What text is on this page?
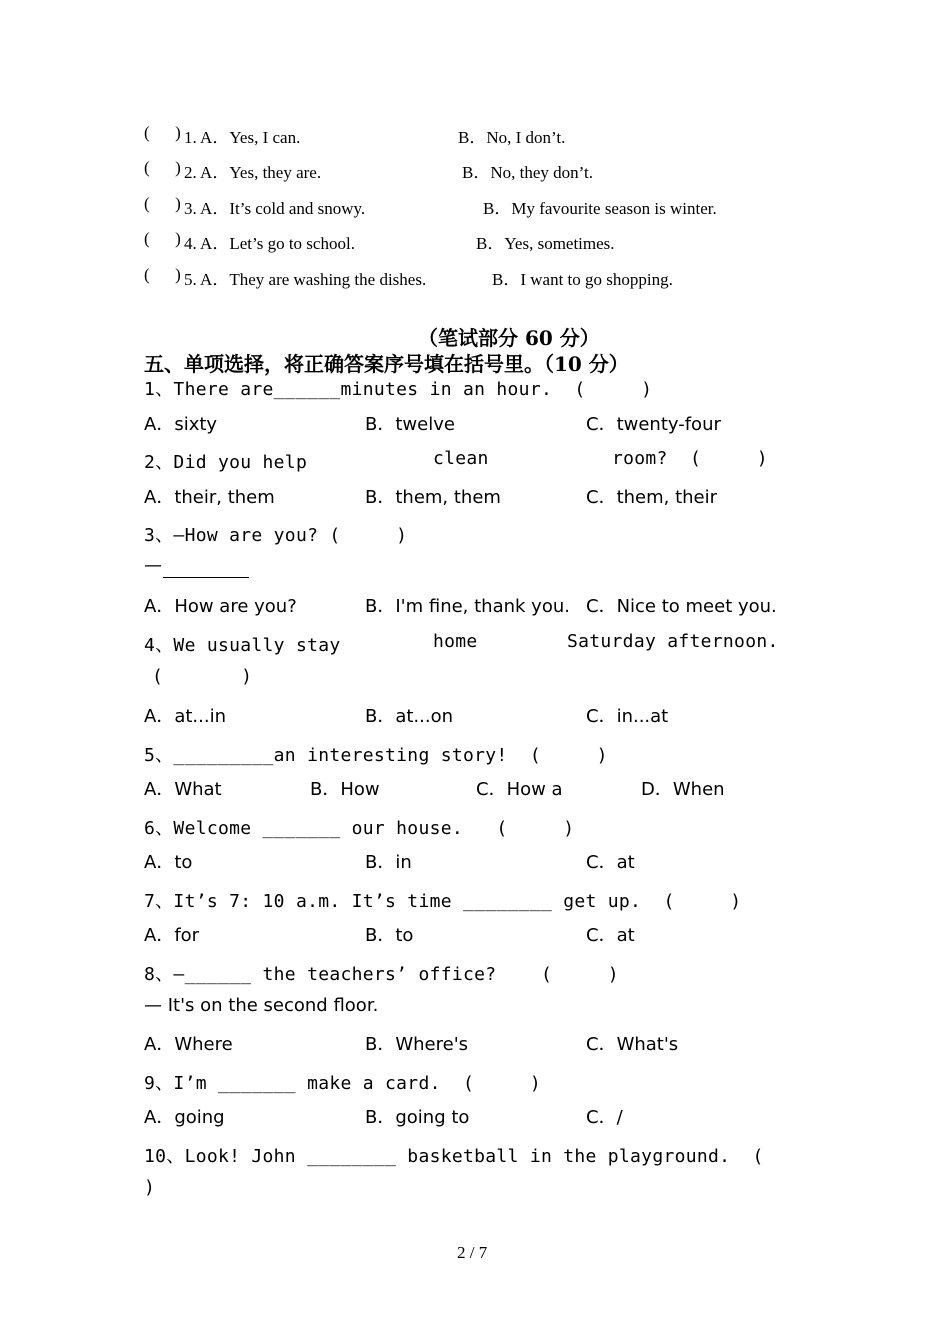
(      ) 1. A．Yes, I can.	B．No, I don’t.
(      ) 2. A．Yes, they are.	B．No, they don’t.
(      ) 3. A．It’s cold and snowy.	B．My favourite season is winter.
(      ) 4. A．Let’s go to school.	B．Yes, sometimes.
(      ) 5. A．They are washing the dishes.	B．I want to go shopping.
（笔试部分 60 分）
五、单项选择，将正确答案序号填在括号里。（10 分）
1、There are______minutes in an hour.  (     )
A．sixty	B．twelve	C．twenty-four
2、Did you help	clean	room?  (     )
A．their, them	B．them, them	C．them, their
3、—How are you? (     )
—
A．How are you?	B．I'm fine, thank you. C．Nice to meet you.
4、We usually stay	home	Saturday afternoon.
(       )
A．at...in	B．at...on	C．in...at
5、_________an interesting story!  (     )
A．What	B．How	C．How a	D．When
6、Welcome _______ our house.   (     )
A．to	B．in	C．at
7、It’s 7: 10 a.m. It’s time ________ get up.  (     )
A．for	B．to	C．at
8、—______ the teachers’ office?    (     )
— It's on the second floor.
A．Where	B．Where's	C．What's
9、I’m _______ make a card.  (     )
A．going	B．going to	C．/
10、Look! John ________ basketball in the playground.  (
)
2 / 7
